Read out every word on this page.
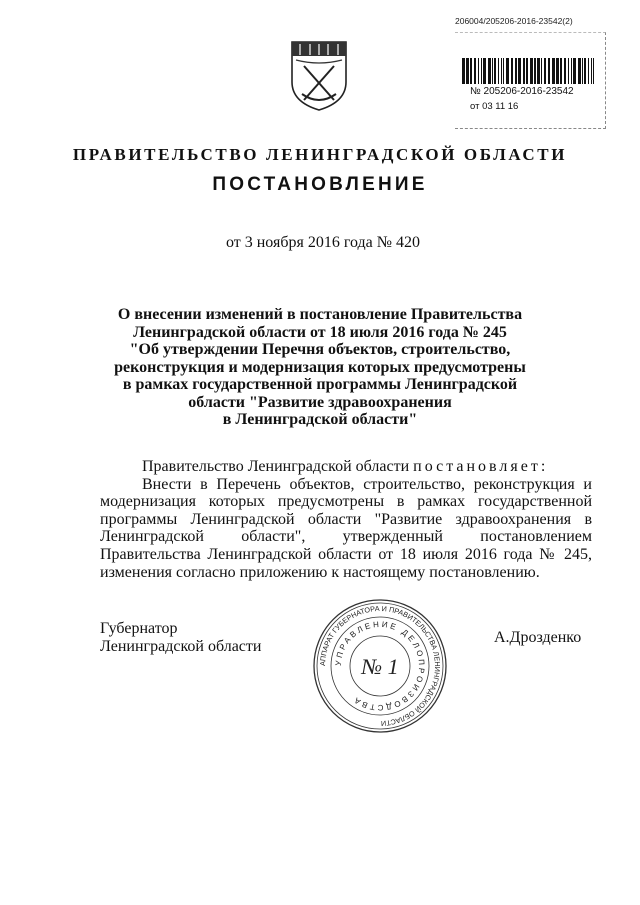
206004/205206-2016-23542(2)
№ 205206-2016-23542
от 03 11 16
ПРАВИТЕЛЬСТВО ЛЕНИНГРАДСКОЙ ОБЛАСТИ
ПОСТАНОВЛЕНИЕ
от 3 ноября 2016 года № 420
О внесении изменений в постановление Правительства
Ленинградской области от 18 июля 2016 года № 245
"Об утверждении Перечня объектов, строительство,
реконструкция и модернизация которых предусмотрены
в рамках государственной программы Ленинградской
области "Развитие здравоохранения
в Ленинградской области"

Правительство Ленинградской области постановляет:

Внести в Перечень объектов, строительство, реконструкция и модернизация которых предусмотрены в рамках государственной программы Ленинградской области "Развитие здравоохранения в Ленинградской области", утвержденный постановлением Правительства Ленинградской области от 18 июля 2016 года № 245, изменения согласно приложению к настоящему постановлению.

Губернатор
Ленинградской области
А.Дрозденко
АППАРАТ ГУБЕРНАТОРА И ПРАВИТЕЛЬСТВА ЛЕНИНГРАДСКОЙ ОБЛАСТИ
УПРАВЛЕНИЕ ДЕЛОПРОИЗВОДСТВА
№ 1
